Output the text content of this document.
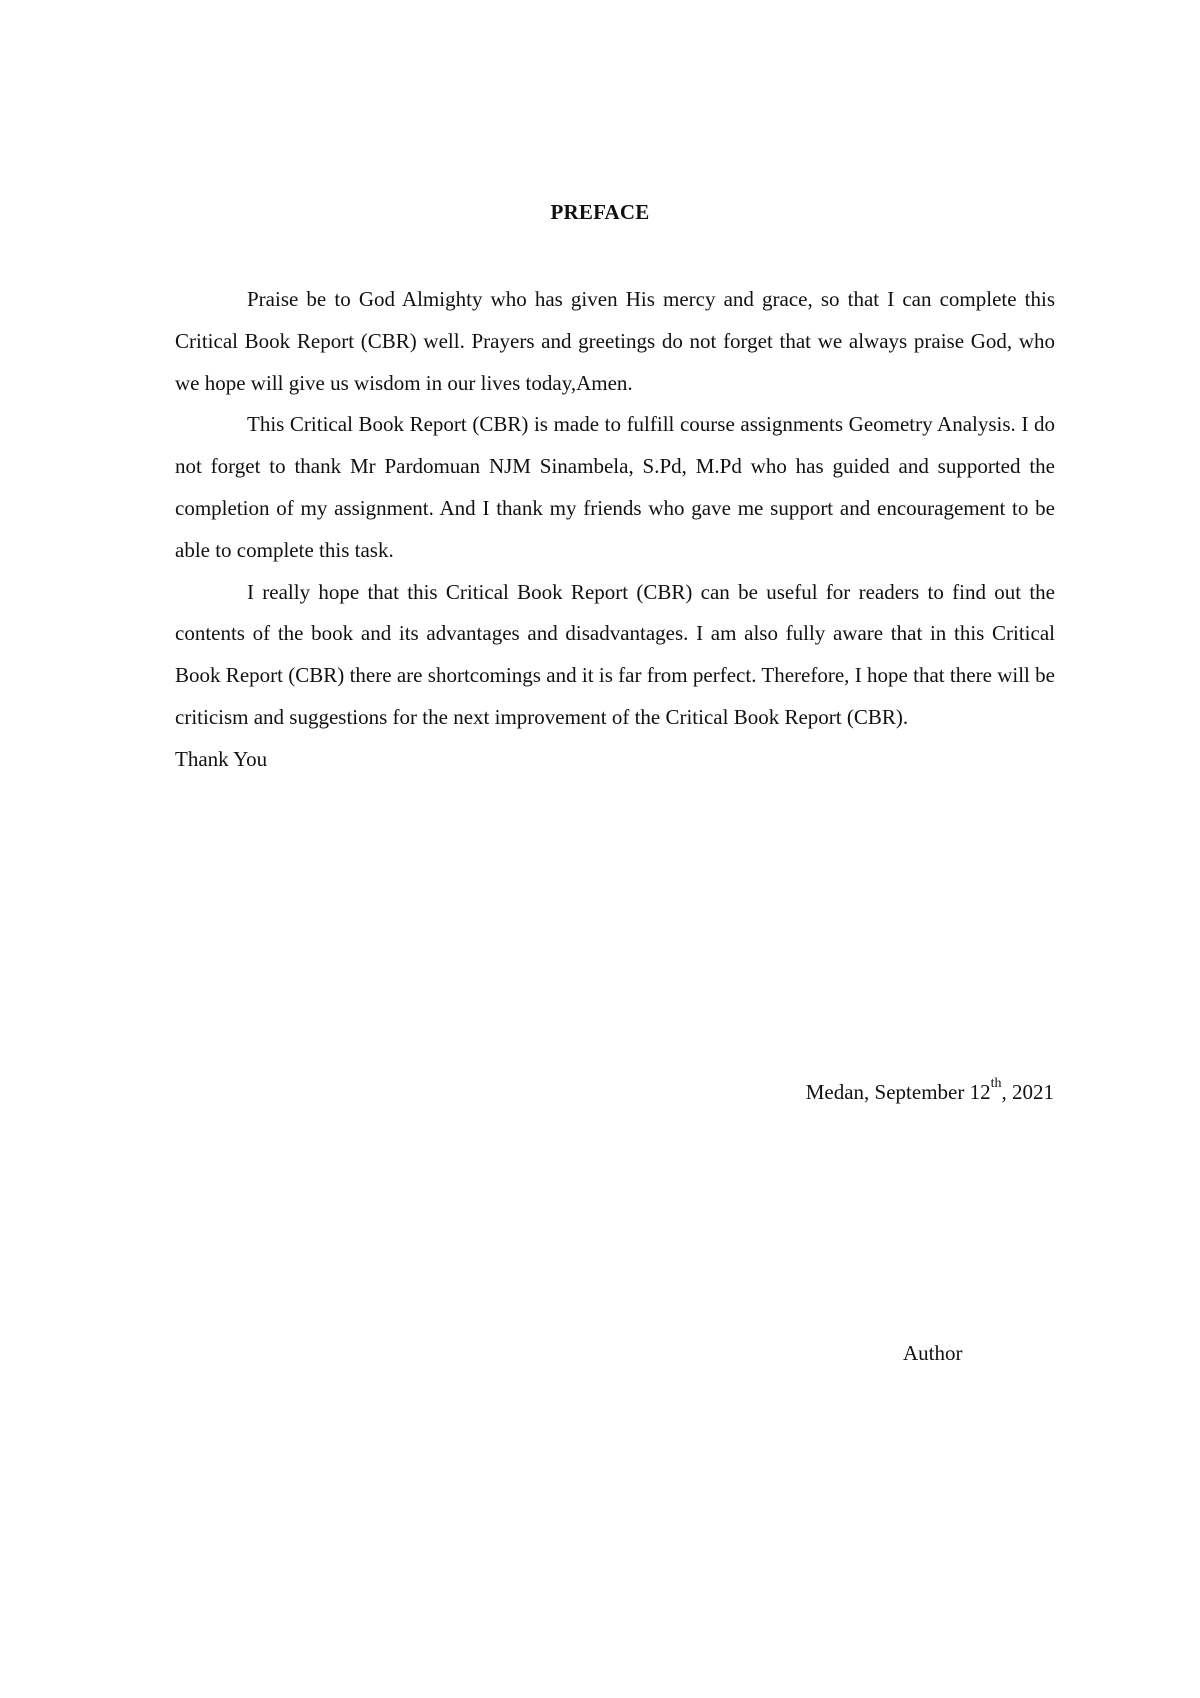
PREFACE

Praise be to God Almighty who has given His mercy and grace, so that I can complete this Critical Book Report (CBR) well. Prayers and greetings do not forget that we always praise God, who we hope will give us wisdom in our lives today,Amen.

This Critical Book Report (CBR) is made to fulfill course assignments Geometry Analysis. I do not forget to thank Mr Pardomuan NJM Sinambela, S.Pd, M.Pd who has guided and supported the completion of my assignment. And I thank my friends who gave me support and encouragement to be able to complete this task.

I really hope that this Critical Book Report (CBR) can be useful for readers to find out the contents of the book and its advantages and disadvantages. I am also fully aware that in this Critical Book Report (CBR) there are shortcomings and it is far from perfect. Therefore, I hope that there will be criticism and suggestions for the next improvement of the Critical Book Report (CBR).

Thank You
Medan, September 12th, 2021
Author
